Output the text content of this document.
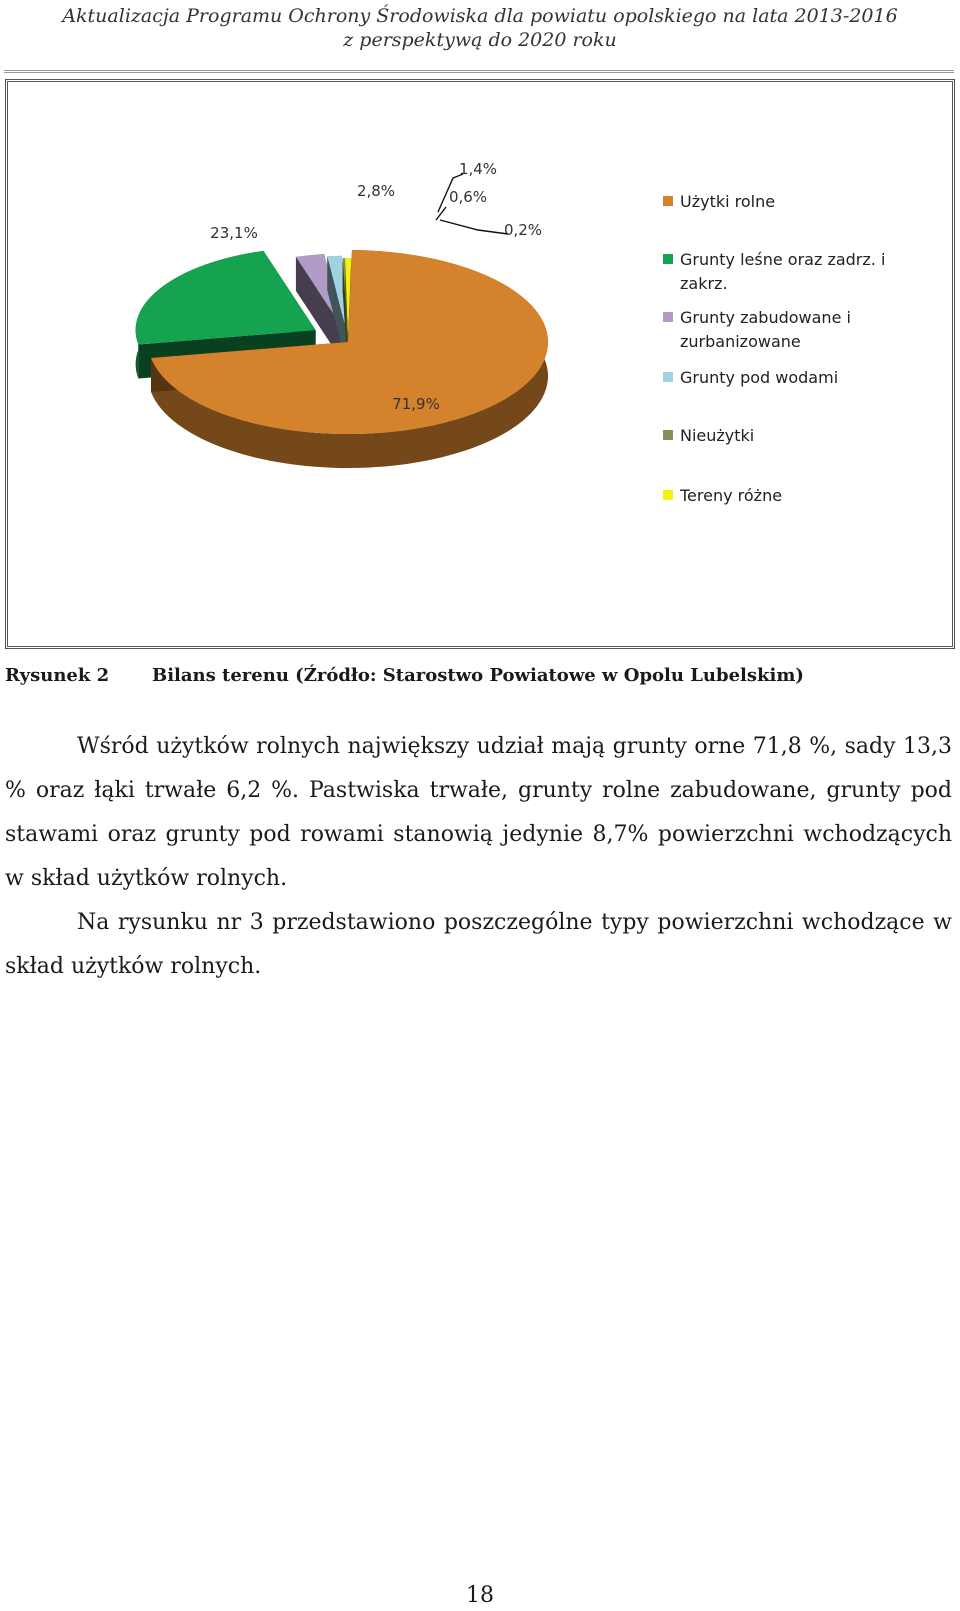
Aktualizacja Programu Ochrony Środowiska dla powiatu opolskiego na lata 2013-2016
z perspektywą do 2020 roku
71,9%
23,1%
2,8%
1,4%
0,2%
0,6%	Użytki rolne
Grunty leśne oraz zadrz. i zakrz.
Grunty zabudowane i zurbanizowane
Grunty pod wodami
Nieużytki
Tereny różne
Rysunek 2 Bilans terenu (Źródło: Starostwo Powiatowe w Opolu Lubelskim)

Wśród użytków rolnych największy udział mają grunty orne 71,8 %, sady 13,3 % oraz łąki trwałe 6,2 %. Pastwiska trwałe, grunty rolne zabudowane, grunty pod stawami oraz grunty pod rowami stanowią jedynie 8,7% powierzchni wchodzących w skład użytków rolnych.

Na rysunku nr 3 przedstawiono poszczególne typy powierzchni wchodzące w skład użytków rolnych.

18
